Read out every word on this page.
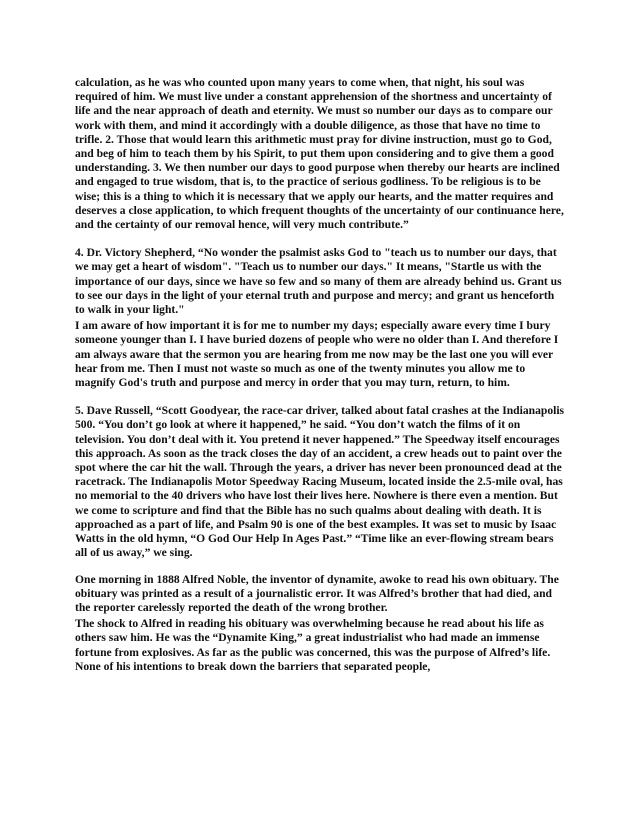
calculation, as he was who counted upon many years to come when, that night, his soul was required of him. We must live under a constant apprehension of the shortness and uncertainty of life and the near approach of death and eternity. We must so number our days as to compare our work with them, and mind it accordingly with a double diligence, as those that have no time to trifle. 2. Those that would learn this arithmetic must pray for divine instruction, must go to God, and beg of him to teach them by his Spirit, to put them upon considering and to give them a good understanding. 3. We then number our days to good purpose when thereby our hearts are inclined and engaged to true wisdom, that is, to the practice of serious godliness. To be religious is to be wise; this is a thing to which it is necessary that we apply our hearts, and the matter requires and deserves a close application, to which frequent thoughts of the uncertainty of our continuance here, and the certainty of our removal hence, will very much contribute.”

4. Dr. Victory Shepherd, “No wonder the psalmist asks God to "teach us to number our days, that we may get a heart of wisdom". "Teach us to number our days." It means, "Startle us with the importance of our days, since we have so few and so many of them are already behind us. Grant us to see our days in the light of your eternal truth and purpose and mercy; and grant us henceforth to walk in your light."

I am aware of how important it is for me to number my days; especially aware every time I bury someone younger than I. I have buried dozens of people who were no older than I. And therefore I am always aware that the sermon you are hearing from me now may be the last one you will ever hear from me. Then I must not waste so much as one of the twenty minutes you allow me to magnify God's truth and purpose and mercy in order that you may turn, return, to him.

5. Dave Russell, “Scott Goodyear, the race-car driver, talked about fatal crashes at the Indianapolis 500. “You don’t go look at where it happened,” he said. “You don’t watch the films of it on television. You don’t deal with it. You pretend it never happened.” The Speedway itself encourages this approach. As soon as the track closes the day of an accident, a crew heads out to paint over the spot where the car hit the wall. Through the years, a driver has never been pronounced dead at the racetrack. The Indianapolis Motor Speedway Racing Museum, located inside the 2.5-mile oval, has no memorial to the 40 drivers who have lost their lives here. Nowhere is there even a mention. But we come to scripture and find that the Bible has no such qualms about dealing with death. It is approached as a part of life, and Psalm 90 is one of the best examples. It was set to music by Isaac Watts in the old hymn, “O God Our Help In Ages Past.” “Time like an ever-flowing stream bears all of us away,” we sing.

One morning in 1888 Alfred Noble, the inventor of dynamite, awoke to read his own obituary. The obituary was printed as a result of a journalistic error. It was Alfred’s brother that had died, and the reporter carelessly reported the death of the wrong brother.

The shock to Alfred in reading his obituary was overwhelming because he read about his life as others saw him. He was the “Dynamite King,” a great industrialist who had made an immense fortune from explosives. As far as the public was concerned, this was the purpose of Alfred’s life. None of his intentions to break down the barriers that separated people,
